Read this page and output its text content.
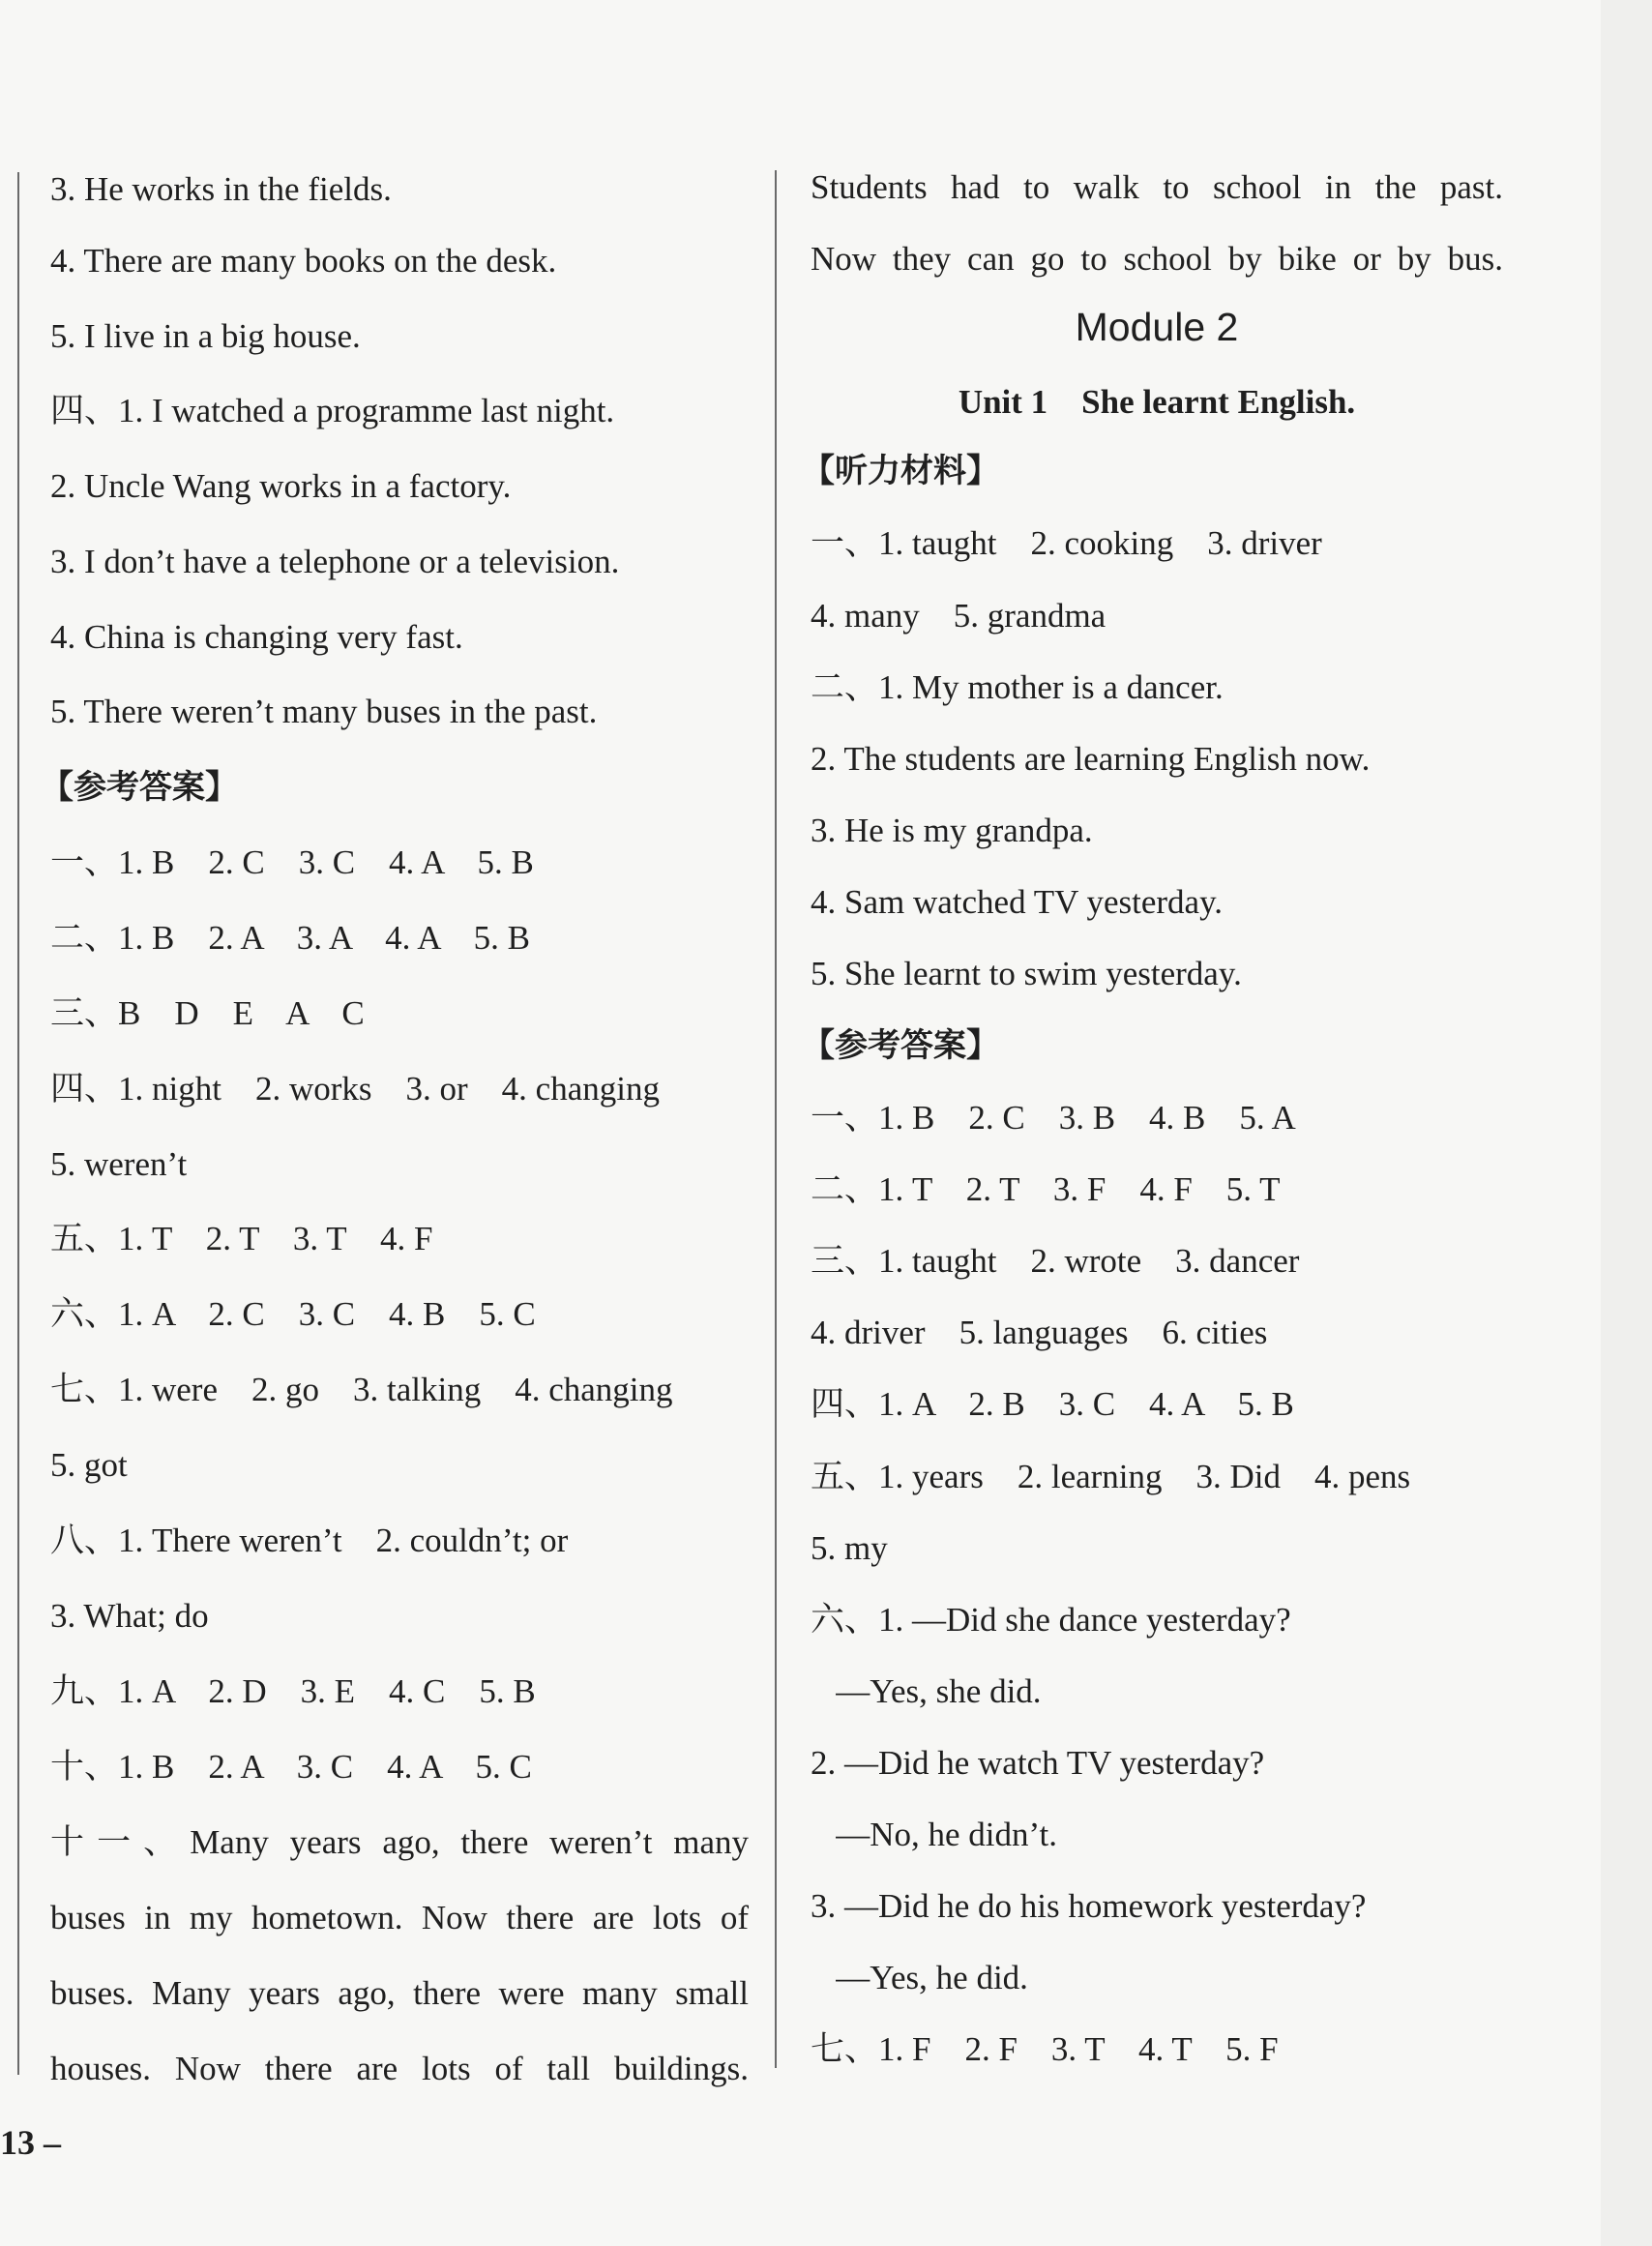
3. He works in the fields.
4. There are many books on the desk.
5. I live in a big house.
四、1. I watched a programme last night.
2. Uncle Wang works in a factory.
3. I don’t have a telephone or a television.
4. China is changing very fast.
5. There weren’t many buses in the past.
【参考答案】
一、1. B    2. C    3. C    4. A    5. B
二、1. B    2. A    3. A    4. A    5. B
三、B    D    E    A    C
四、1. night    2. works    3. or    4. changing
5. weren’t
五、1. T    2. T    3. T    4. F
六、1. A    2. C    3. C    4. B    5. C
七、1. were    2. go    3. talking    4. changing
5. got
八、1. There weren’t    2. couldn’t; or
3. What; do
九、1. A    2. D    3. E    4. C    5. B
十、1. B    2. A    3. C    4. A    5. C
十一、Many years ago, there weren’t many
buses in my hometown. Now there are lots of
buses. Many years ago, there were many small
houses. Now there are lots of tall buildings.
Students had to walk to school in the past.
Now they can go to school by bike or by bus.
Module 2
Unit 1    She learnt English.
【听力材料】
一、1. taught    2. cooking    3. driver
4. many    5. grandma
二、1. My mother is a dancer.
2. The students are learning English now.
3. He is my grandpa.
4. Sam watched TV yesterday.
5. She learnt to swim yesterday.
【参考答案】
一、1. B    2. C    3. B    4. B    5. A
二、1. T    2. T    3. F    4. F    5. T
三、1. taught    2. wrote    3. dancer
4. driver    5. languages    6. cities
四、1. A    2. B    3. C    4. A    5. B
五、1. years    2. learning    3. Did    4. pens
5. my
六、1. —Did she dance yesterday?
—Yes, she did.
2. —Did he watch TV yesterday?
—No, he didn’t.
3. —Did he do his homework yesterday?
—Yes, he did.
七、1. F    2. F    3. T    4. T    5. F
13 –
